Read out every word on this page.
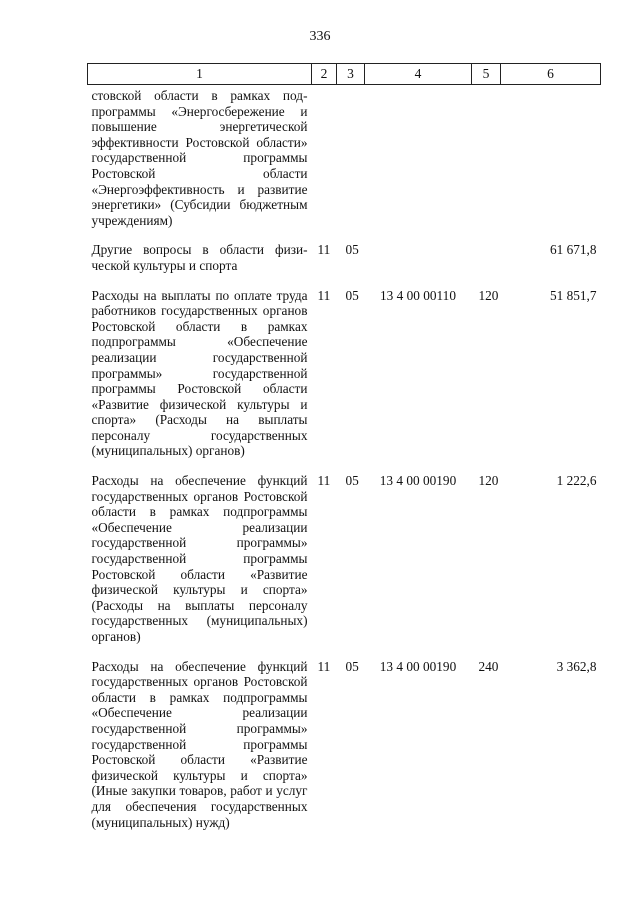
336
1	2	3	4	5	6
стовской области в рамках подпрограммы «Энергосбережение и повышение энергетической эффективности Ростовской области» государственной программы Ростовской области «Энергоэффективность и развитие энергетики» (Субсидии бюджетным учреждениям)					

Другие вопросы в области физической культуры и спорта	11	05			61 671,8

Расходы на выплаты по оплате труда работников государственных органов Ростовской области в рамках подпрограммы «Обеспечение реализации государственной программы» государственной программы Ростовской области «Развитие физической культуры и спорта» (Расходы на выплаты персоналу государственных (муниципальных) органов)	11	05	13 4 00 00110	120	51 851,7

Расходы на обеспечение функций государственных органов Ростовской области в рамках подпрограммы «Обеспечение реализации государственной программы» государственной программы Ростовской области «Развитие физической культуры и спорта» (Расходы на выплаты персоналу государственных (муниципальных) органов)	11	05	13 4 00 00190	120	1 222,6

Расходы на обеспечение функций государственных органов Ростовской области в рамках подпрограммы «Обеспечение реализации государственной программы» государственной программы Ростовской области «Развитие физической культуры и спорта» (Иные закупки товаров, работ и услуг для обеспечения государственных (муниципальных) нужд)	11	05	13 4 00 00190	240	3 362,8
